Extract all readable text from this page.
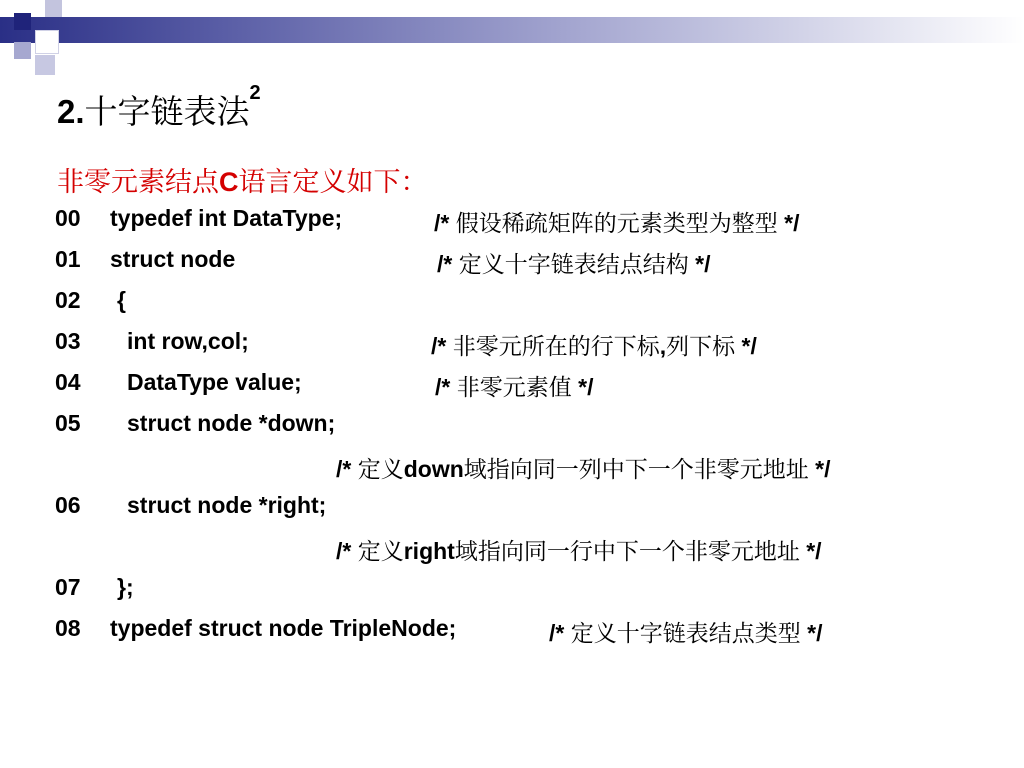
2.十字链表法$^2$
非零元素结点C语言定义如下：
00 typedef int DataType;	/* 假设稀疏矩阵的元素类型为整型 */
01 struct node	/* 定义十字链表结点结构 */
02 {
03 int row,col;	/* 非零元所在的行下标,列下标 */
04 DataType value;	/* 非零元素值 */
05 struct node *down;
/* 定义down域指向同一列中下一个非零元地址 */
06 struct node *right;
/* 定义right域指向同一行中下一个非零元地址 */
07 };
08 typedef struct node TripleNode;	/* 定义十字链表结点类型 */
